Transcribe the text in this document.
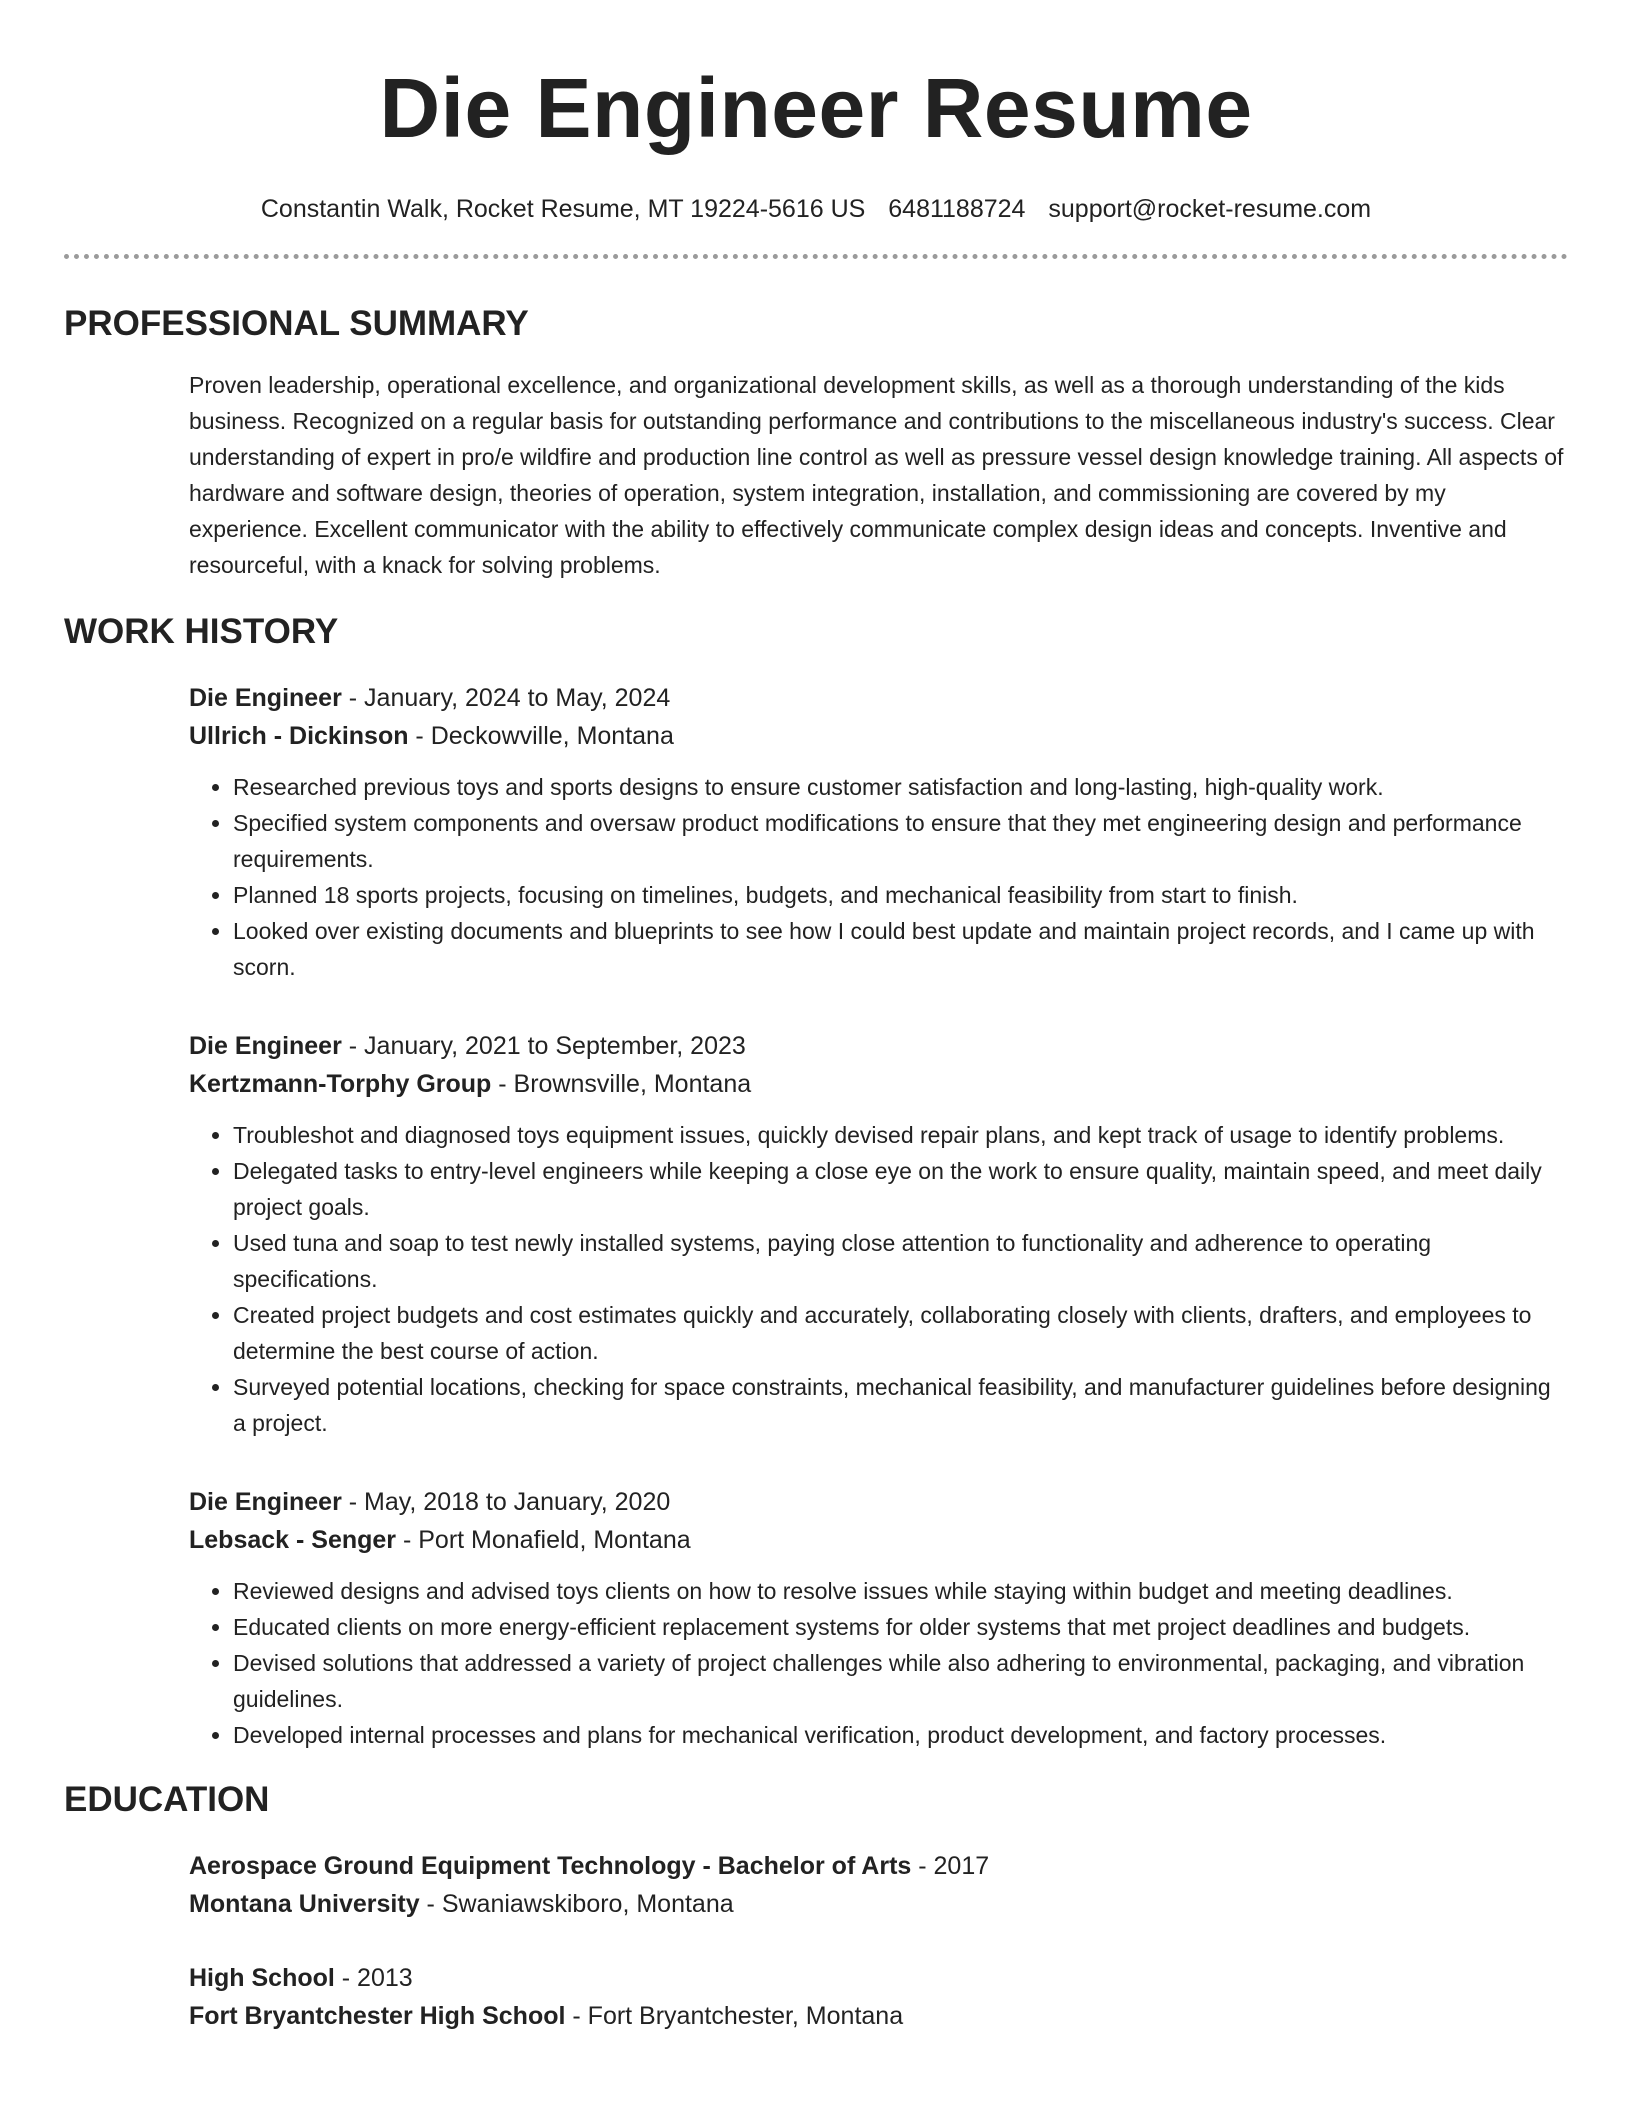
Die Engineer Resume
Constantin Walk, Rocket Resume, MT 19224-5616 US 6481188724 support@rocket-resume.com
PROFESSIONAL SUMMARY
Proven leadership, operational excellence, and organizational development skills, as well as a thorough understanding of the kids business. Recognized on a regular basis for outstanding performance and contributions to the miscellaneous industry's success. Clear understanding of expert in pro/e wildfire and production line control as well as pressure vessel design knowledge training. All aspects of hardware and software design, theories of operation, system integration, installation, and commissioning are covered by my experience. Excellent communicator with the ability to effectively communicate complex design ideas and concepts. Inventive and resourceful, with a knack for solving problems.
WORK HISTORY
Die Engineer - January, 2024 to May, 2024
Ullrich - Dickinson - Deckowville, Montana
• Researched previous toys and sports designs to ensure customer satisfaction and long-lasting, high-quality work.
• Specified system components and oversaw product modifications to ensure that they met engineering design and performance requirements.
• Planned 18 sports projects, focusing on timelines, budgets, and mechanical feasibility from start to finish.
• Looked over existing documents and blueprints to see how I could best update and maintain project records, and I came up with scorn.
Die Engineer - January, 2021 to September, 2023
Kertzmann-Torphy Group - Brownsville, Montana
• Troubleshot and diagnosed toys equipment issues, quickly devised repair plans, and kept track of usage to identify problems.
• Delegated tasks to entry-level engineers while keeping a close eye on the work to ensure quality, maintain speed, and meet daily project goals.
• Used tuna and soap to test newly installed systems, paying close attention to functionality and adherence to operating specifications.
• Created project budgets and cost estimates quickly and accurately, collaborating closely with clients, drafters, and employees to determine the best course of action.
• Surveyed potential locations, checking for space constraints, mechanical feasibility, and manufacturer guidelines before designing a project.
Die Engineer - May, 2018 to January, 2020
Lebsack - Senger - Port Monafield, Montana
• Reviewed designs and advised toys clients on how to resolve issues while staying within budget and meeting deadlines.
• Educated clients on more energy-efficient replacement systems for older systems that met project deadlines and budgets.
• Devised solutions that addressed a variety of project challenges while also adhering to environmental, packaging, and vibration guidelines.
• Developed internal processes and plans for mechanical verification, product development, and factory processes.
EDUCATION
Aerospace Ground Equipment Technology - Bachelor of Arts - 2017
Montana University - Swaniawskiboro, Montana
High School - 2013
Fort Bryantchester High School - Fort Bryantchester, Montana
